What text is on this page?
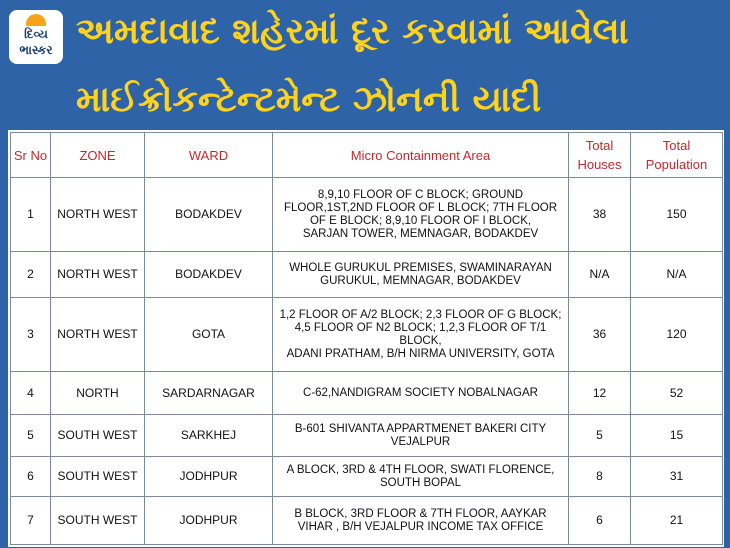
દિવ્ય
ભાસ્કર અમદાવાદ શહેરમાં દૂર કરવામાં આવેલા
માઈક્રોકન્ટેન્ટમેન્ટ ઝોનની યાદી
Sr No	ZONE	WARD	Micro Containment Area	Total Houses	Total Population
1	NORTH WEST	BODAKDEV	8,9,10 FLOOR OF C BLOCK; GROUND FLOOR,1ST,2ND FLOOR OF L BLOCK; 7TH FLOOR OF E BLOCK; 8,9,10 FLOOR OF I BLOCK,
SARJAN TOWER, MEMNAGAR, BODAKDEV	38	150
2	NORTH WEST	BODAKDEV	WHOLE GURUKUL PREMISES, SWAMINARAYAN GURUKUL, MEMNAGAR, BODAKDEV	N/A	N/A
3	NORTH WEST	GOTA	1,2 FLOOR OF A/2 BLOCK; 2,3 FLOOR OF G BLOCK; 4,5 FLOOR OF N2 BLOCK; 1,2,3 FLOOR OF T/1 BLOCK,
ADANI PRATHAM, B/H NIRMA UNIVERSITY, GOTA	36	120
4	NORTH	SARDARNAGAR	C-62,NANDIGRAM SOCIETY NOBALNAGAR	12	52
5	SOUTH WEST	SARKHEJ	B-601 SHIVANTA APPARTMENET BAKERI CITY VEJALPUR	5	15
6	SOUTH WEST	JODHPUR	A BLOCK, 3RD & 4TH FLOOR, SWATI FLORENCE, SOUTH BOPAL	8	31
7	SOUTH WEST	JODHPUR	B BLOCK, 3RD FLOOR & 7TH FLOOR, AAYKAR VIHAR , B/H VEJALPUR INCOME TAX OFFICE	6	21
